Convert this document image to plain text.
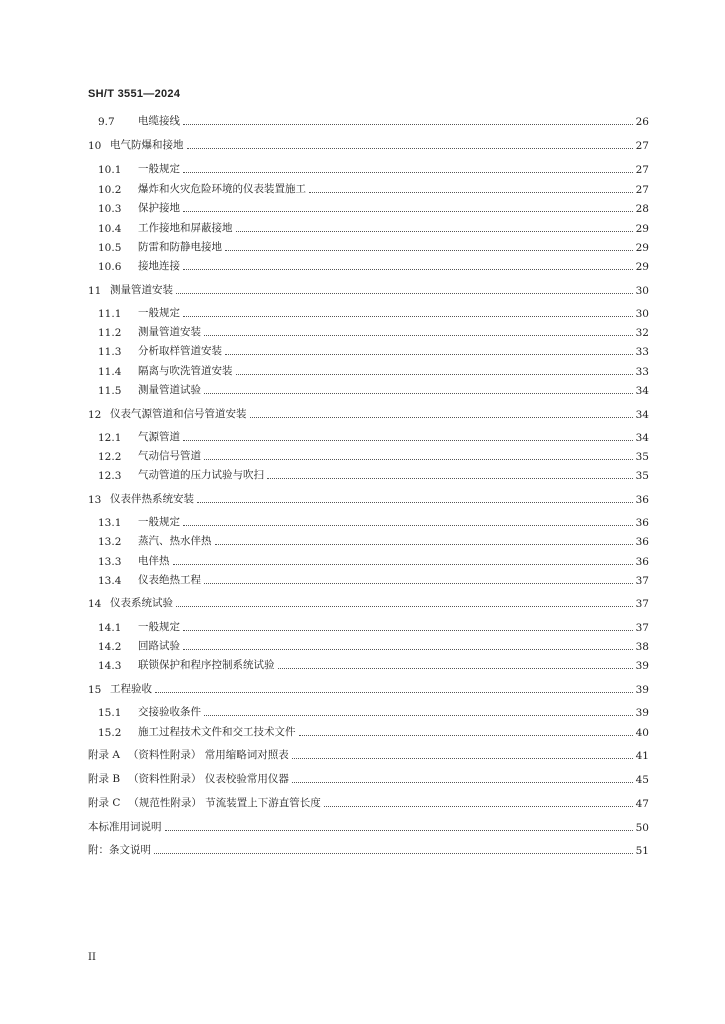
SH/T 3551—2024
9.7	电缆接线	26
10 电气防爆和接地	27
10.1	一般规定	27
10.2	爆炸和火灾危险环境的仪表装置施工	27
10.3	保护接地	28
10.4	工作接地和屏蔽接地	29
10.5	防雷和防静电接地	29
10.6	接地连接	29
11 测量管道安装	30
11.1	一般规定	30
11.2	测量管道安装	32
11.3	分析取样管道安装	33
11.4	隔离与吹洗管道安装	33
11.5	测量管道试验	34
12 仪表气源管道和信号管道安装	34
12.1	气源管道	34
12.2	气动信号管道	35
12.3	气动管道的压力试验与吹扫	35
13 仪表伴热系统安装	36
13.1	一般规定	36
13.2	蒸汽、热水伴热	36
13.3	电伴热	36
13.4	仪表绝热工程	37
14 仪表系统试验	37
14.1	一般规定	37
14.2	回路试验	38
14.3	联锁保护和程序控制系统试验	39
15 工程验收	39
15.1	交接验收条件	39
15.2	施工过程技术文件和交工技术文件	40
附录 A （资料性附录） 常用缩略词对照表	41
附录 B （资料性附录） 仪表校验常用仪器	45
附录 C （规范性附录） 节流装置上下游直管长度	47
本标准用词说明	50
附：条文说明	51
II
